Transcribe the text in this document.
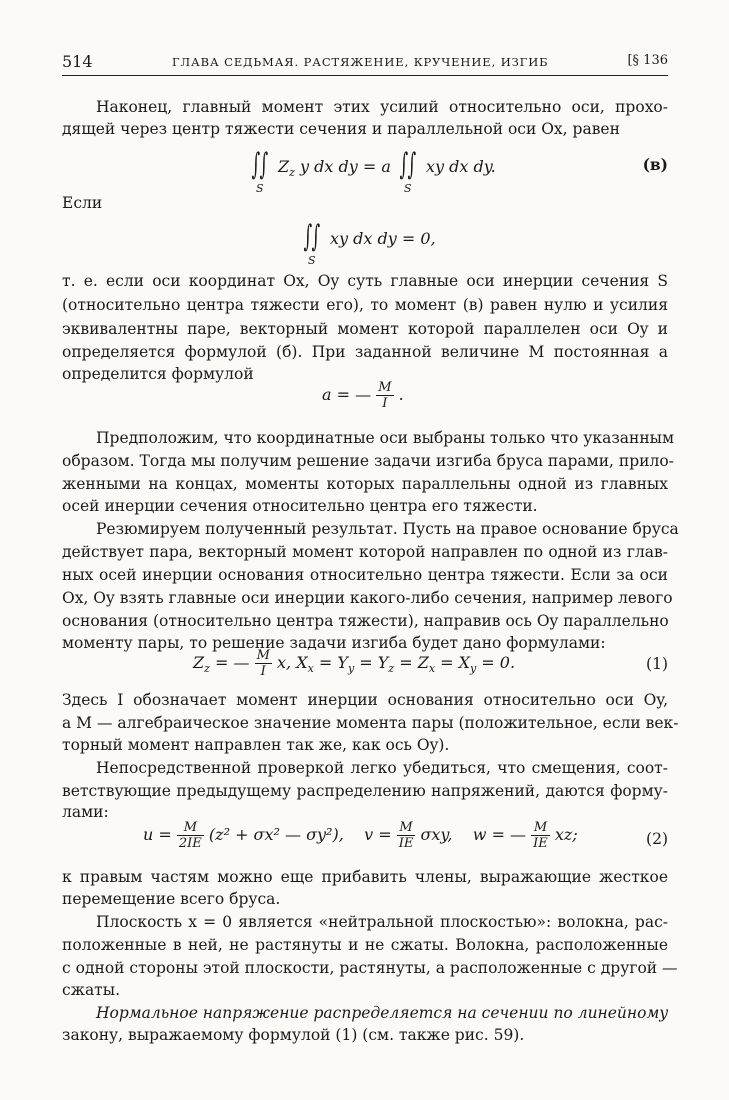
514	ГЛАВА СЕДЬМАЯ. РАСТЯЖЕНИЕ, КРУЧЕНИЕ, ИЗГИБ	[§ 136
Наконец, главный момент этих усилий относительно оси, прохо-
дящей через центр тяжести сечения и параллельной оси Ox, равен
∫∫
S
$Z_z$ y dx dy = a ∫∫
S
xy dx dy.	(в)
Если
∫∫
S
xy dx dy = 0,
т. е. если оси координат Ox, Oy суть главные оси инерции сечения S
(относительно центра тяжести его), то момент (в) равен нулю и усилия
эквивалентны паре, векторный момент которой параллелен оси Oy и
определяется формулой (б). При заданной величине M постоянная a
определится формулой
a = — $\frac{M}{I}$ .
Предположим, что координатные оси выбраны только что указанным
образом. Тогда мы получим решение задачи изгиба бруса парами, прило-
женными на концах, моменты которых параллельны одной из главных
осей инерции сечения относительно центра его тяжести.
Резюмируем полученный результат. Пусть на правое основание бруса
действует пара, векторный момент которой направлен по одной из глав-
ных осей инерции основания относительно центра тяжести. Если за оси
Ox, Oy взять главные оси инерции какого-либо сечения, например левого
основания (относительно центра тяжести), направив ось Oy параллельно
моменту пары, то решение задачи изгиба будет дано формулами:
$Z_z$ = — $\frac{M}{I} x$, $X_x = Y_y = Y_z = Z_x = X_y = 0$.	(1)
Здесь I обозначает момент инерции основания относительно оси Oy,
а M — алгебраическое значение момента пары (положительное, если век-
торный момент направлен так же, как ось Oy).
Непосредственной проверкой легко убедиться, что смещения, соот-
ветствующие предыдущему распределению напряжений, даются форму-
лами:
$u = \frac{M}{2IE} (z^2 + \sigma x^2$ — σy²), $v = \frac{M}{IE} \sigma xy$, w = — $\frac{M}{IE}$ xz;	(2)
к правым частям можно еще прибавить члены, выражающие жесткое
перемещение всего бруса.
Плоскость x = 0 является «нейтральной плоскостью»: волокна, рас-
положенные в ней, не растянуты и не сжаты. Волокна, расположенные
с одной стороны этой плоскости, растянуты, а расположенные с другой —
сжаты.
Нормальное напряжение распределяется на сечении по линейному
закону, выражаемому формулой (1) (см. также рис. 59).
